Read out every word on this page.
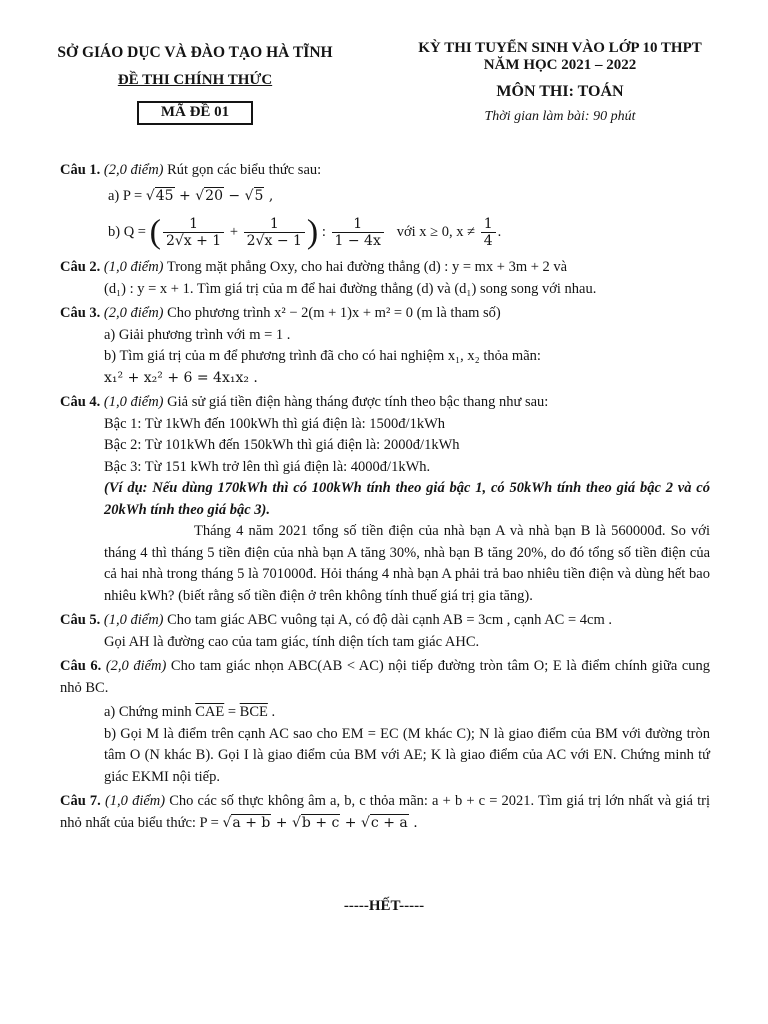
SỞ GIÁO DỤC VÀ ĐÀO TẠO HÀ TĨNH
ĐỀ THI CHÍNH THỨC
MÃ ĐỀ 01
KỲ THI TUYỂN SINH VÀO LỚP 10 THPT
NĂM HỌC 2021 – 2022
MÔN THI: TOÁN
Thời gian làm bài: 90 phút
Câu 1. (2,0 điểm) Rút gọn các biểu thức sau:
a) P = √45 + √20 − √5 ,
b) Q = ( $\frac{1}{2√x + 1} + \frac{1}{2√x - 1}$ ) : $\frac{1}{1 - 4x}$ với x ≥ 0, $x \ne \frac{1}{4}$ .
Câu 2. (1,0 điểm) Trong mặt phẳng Oxy, cho hai đường thẳng (d) : y = mx + 3m + 2 và
(d₁) : y = x + 1. Tìm giá trị của m để hai đường thẳng (d) và (d₁) song song với nhau.
Câu 3. (2,0 điểm) Cho phương trình x² − 2(m + 1)x + m² = 0 (m là tham số)
a) Giải phương trình với m = 1 .
b) Tìm giá trị của m để phương trình đã cho có hai nghiệm x₁, x₂ thỏa mãn:
x₁² + x₂² + 6 = 4x₁x₂ .
Câu 4. (1,0 điểm) Giả sử giá tiền điện hàng tháng được tính theo bậc thang như sau:
Bậc 1: Từ 1kWh đến 100kWh thì giá điện là: 1500đ/1kWh
Bậc 2: Từ 101kWh đến 150kWh thì giá điện là: 2000đ/1kWh
Bậc 3: Từ 151 kWh trở lên thì giá điện là: 4000đ/1kWh.
(Ví dụ: Nếu dùng 170kWh thì có 100kWh tính theo giá bậc 1, có 50kWh tính theo giá bậc 2 và có 20kWh tính theo giá bậc 3).
Tháng 4 năm 2021 tổng số tiền điện của nhà bạn A và nhà bạn B là 560000đ. So với tháng 4 thì tháng 5 tiền điện của nhà bạn A tăng 30%, nhà bạn B tăng 20%, do đó tổng số tiền điện của cả hai nhà trong tháng 5 là 701000đ. Hỏi tháng 4 nhà bạn A phải trả bao nhiêu tiền điện và dùng hết bao nhiêu kWh? (biết rằng số tiền điện ở trên không tính thuế giá trị gia tăng).
Câu 5. (1,0 điểm) Cho tam giác ABC vuông tại A, có độ dài cạnh AB = 3cm , cạnh AC = 4cm .
Gọi AH là đường cao của tam giác, tính diện tích tam giác AHC.
Câu 6. (2,0 điểm) Cho tam giác nhọn ABC(AB < AC) nội tiếp đường tròn tâm O; E là điểm chính giữa cung nhỏ BC.
a) Chứng minh $\overline{CAE} = \overline{BCE}$ .
b) Gọi M là điểm trên cạnh AC sao cho EM = EC (M khác C); N là giao điểm của BM với đường tròn tâm O (N khác B). Gọi I là giao điểm của BM với AE; K là giao điểm của AC với EN. Chứng minh tứ giác EKMI nội tiếp.
Câu 7. (1,0 điểm) Cho các số thực không âm a, b, c thỏa mãn: a + b + c = 2021. Tìm giá trị lớn nhất và giá trị nhỏ nhất của biểu thức: P = √a + b + √b + c + √c + a .
-----HẾT-----
